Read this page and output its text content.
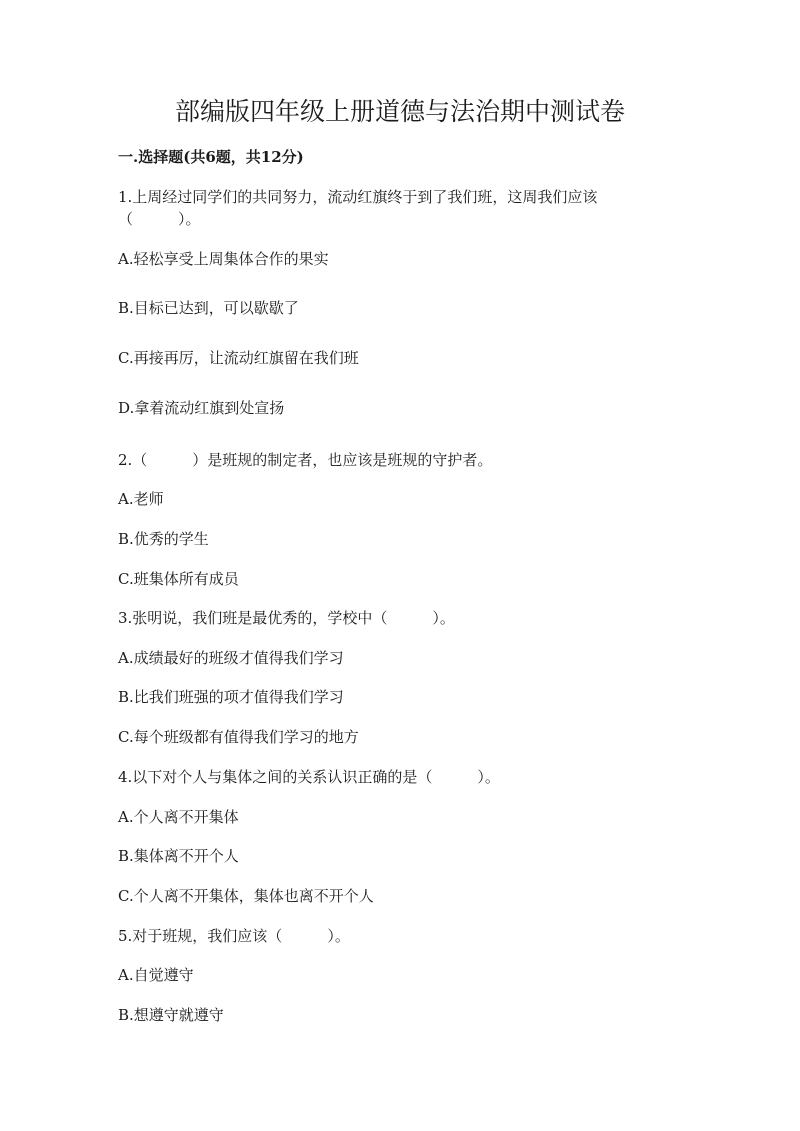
部编版四年级上册道德与法治期中测试卷
一.选择题(共6题，共12分)
1.上周经过同学们的共同努力，流动红旗终于到了我们班，这周我们应该
（　　　）。
A.轻松享受上周集体合作的果实
B.目标已达到，可以歇歇了
C.再接再厉，让流动红旗留在我们班
D.拿着流动红旗到处宣扬
2.（　　　）是班规的制定者，也应该是班规的守护者。
A.老师
B.优秀的学生
C.班集体所有成员
3.张明说，我们班是最优秀的，学校中（　　　）。
A.成绩最好的班级才值得我们学习
B.比我们班强的项才值得我们学习
C.每个班级都有值得我们学习的地方
4.以下对个人与集体之间的关系认识正确的是（　　　）。
A.个人离不开集体
B.集体离不开个人
C.个人离不开集体，集体也离不开个人
5.对于班规，我们应该（　　　）。
A.自觉遵守
B.想遵守就遵守
